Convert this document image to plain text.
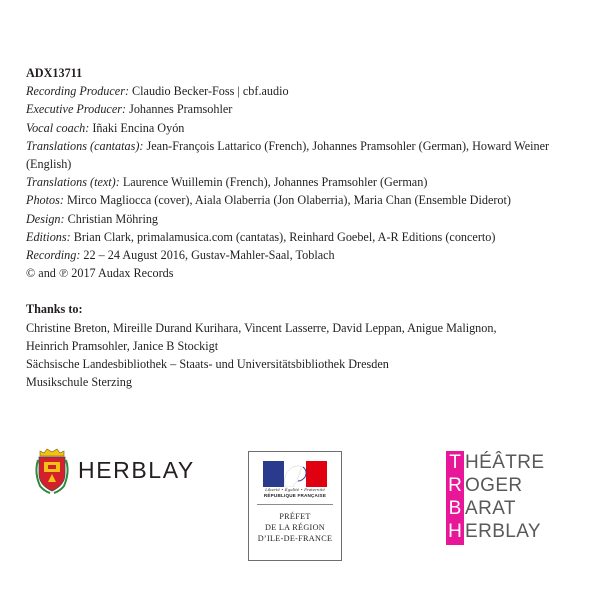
ADX13711
Recording Producer: Claudio Becker-Foss | cbf.audio
Executive Producer: Johannes Pramsohler
Vocal coach: Iñaki Encina Oyón
Translations (cantatas): Jean-François Lattarico (French), Johannes Pramsohler (German), Howard Weiner (English)
Translations (text): Laurence Wuillemin (French), Johannes Pramsohler (German)
Photos: Mirco Magliocca (cover), Aiala Olaberria (Jon Olaberria), Maria Chan (Ensemble Diderot)
Design: Christian Möhring
Editions: Brian Clark, primalamusica.com (cantatas), Reinhard Goebel, A-R Editions (concerto)
Recording: 22 – 24 August 2016, Gustav-Mahler-Saal, Toblach
© and ℗ 2017 Audax Records
Thanks to:
Christine Breton, Mireille Durand Kurihara, Vincent Lasserre, David Leppan, Anigue Malignon,
Heinrich Pramsohler, Janice B Stockigt
Sächsische Landesbibliothek – Staats- und Universitätsbibliothek Dresden
Musikschule Sterzing
HERBLAY
Liberté • Égalité • Fraternité
RÉPUBLIQUE FRANÇAISE
PRÉFET
DE LA RÉGION
D’ILE-DE-FRANCE
T HÉÂTRE
R OGER
B ARAT
H ERBLAY
